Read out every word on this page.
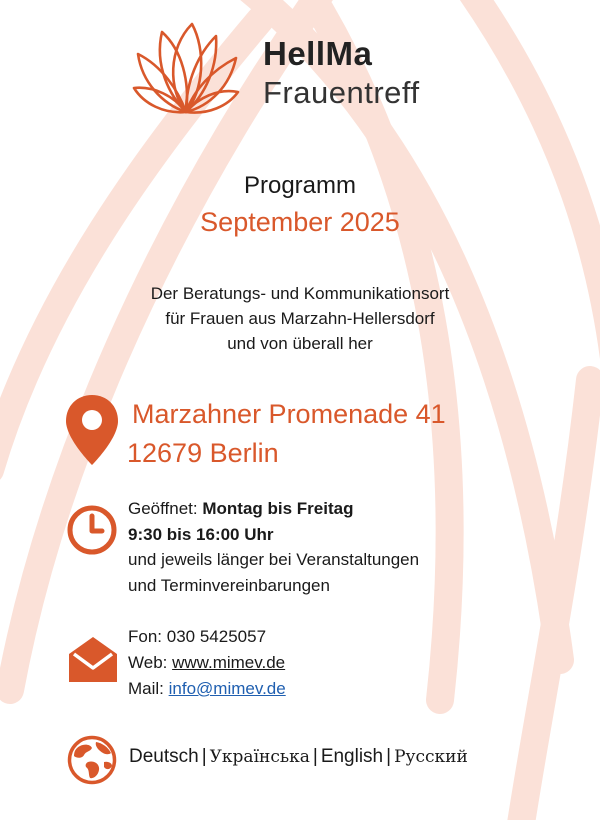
HellMa
Frauentreff
Programm
September 2025
Der Beratungs- und Kommunikationsort
für Frauen aus Marzahn-Hellersdorf
und von überall her
Marzahner Promenade 41
12679 Berlin
Geöffnet: Montag bis Freitag
9:30 bis 16:00 Uhr
und jeweils länger bei Veranstaltungen
und Terminvereinbarungen
Fon: 030 5425057
Web: www.mimev.de
Mail: info@mimev.de
Deutsch | Українська | English | Русский
